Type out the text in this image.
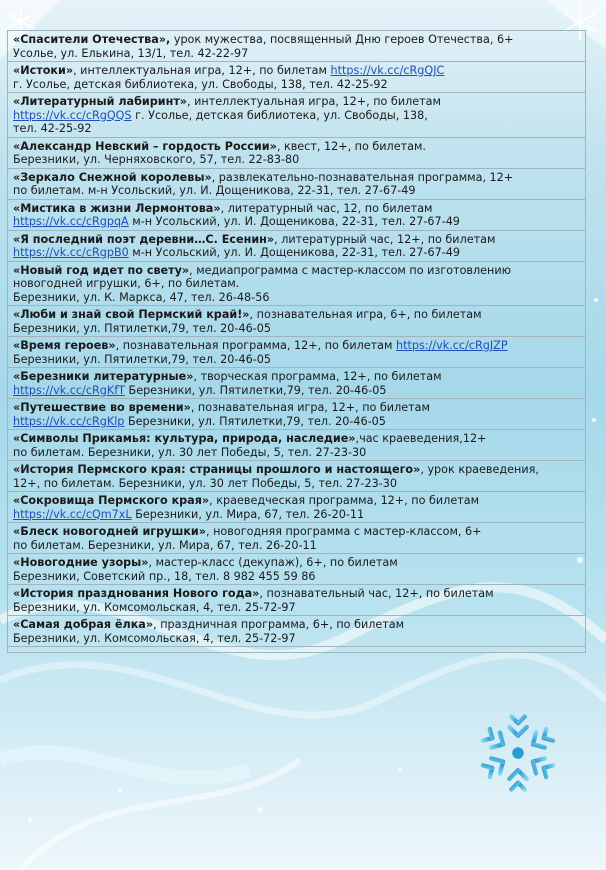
«Спасители Отечества», урок мужества, посвященный Дню героев Отечества, 6+
Усолье, ул. Елькина, 13/1, тел. 42-22-97
«Истоки», интеллектуальная игра, 12+, по билетам https://vk.cc/cRgQJC
г. Усолье, детская библиотека, ул. Свободы, 138, тел. 42-25-92
«Литературный лабиринт», интеллектуальная игра, 12+, по билетам
https://vk.cc/cRgQQS г. Усолье, детская библиотека, ул. Свободы, 138,
тел. 42-25-92
«Александр Невский – гордость России», квест, 12+, по билетам.
Березники, ул. Черняховского, 57, тел. 22-83-80
«Зеркало Снежной королевы», развлекательно-познавательная программа, 12+
по билетам. м-н Усольский, ул. И. Дощеникова, 22-31, тел. 27-67-49
«Мистика в жизни Лермонтова», литературный час, 12, по билетам
https://vk.cc/cRgpqA м-н Усольский, ул. И. Дощеникова, 22-31, тел. 27-67-49
«Я последний поэт деревни…С. Есенин», литературный час, 12+, по билетам
https://vk.cc/cRgpB0 м-н Усольский, ул. И. Дощеникова, 22-31, тел. 27-67-49
«Новый год идет по свету», медиапрограмма с мастер-классом по изготовлению
новогодней игрушки, 6+, по билетам.
Березники, ул. К. Маркса, 47, тел. 26-48-56
«Люби и знай свой Пермский край!», познавательная игра, 6+, по билетам
Березники, ул. Пятилетки,79, тел. 20-46-05
«Время героев», познавательная программа, 12+, по билетам https://vk.cc/cRgJZP
Березники, ул. Пятилетки,79, тел. 20-46-05
«Березники литературные», творческая программа, 12+, по билетам
https://vk.cc/cRgKfT Березники, ул. Пятилетки,79, тел. 20-46-05
«Путешествие во времени», познавательная игра, 12+, по билетам
https://vk.cc/cRgKlp Березники, ул. Пятилетки,79, тел. 20-46-05
«Символы Прикамья: культура, природа, наследие»,час краеведения,12+
по билетам. Березники, ул. 30 лет Победы, 5, тел. 27-23-30
«История Пермского края: страницы прошлого и настоящего», урок краеведения,
12+, по билетам. Березники, ул. 30 лет Победы, 5, тел. 27-23-30
«Сокровища Пермского края», краеведческая программа, 12+, по билетам
https://vk.cc/cQm7xL Березники, ул. Мира, 67, тел. 26-20-11
«Блеск новогодней игрушки», новогодняя программа с мастер-классом, 6+
по билетам. Березники, ул. Мира, 67, тел. 26-20-11
«Новогодние узоры», мастер-класс (декупаж), 6+, по билетам
Березники, Советский пр., 18, тел. 8 982 455 59 86
«История празднования Нового года», познавательный час, 12+, по билетам
Березники, ул. Комсомольская, 4, тел. 25-72-97
«Самая добрая ёлка», праздничная программа, 6+, по билетам
Березники, ул. Комсомольская, 4, тел. 25-72-97
